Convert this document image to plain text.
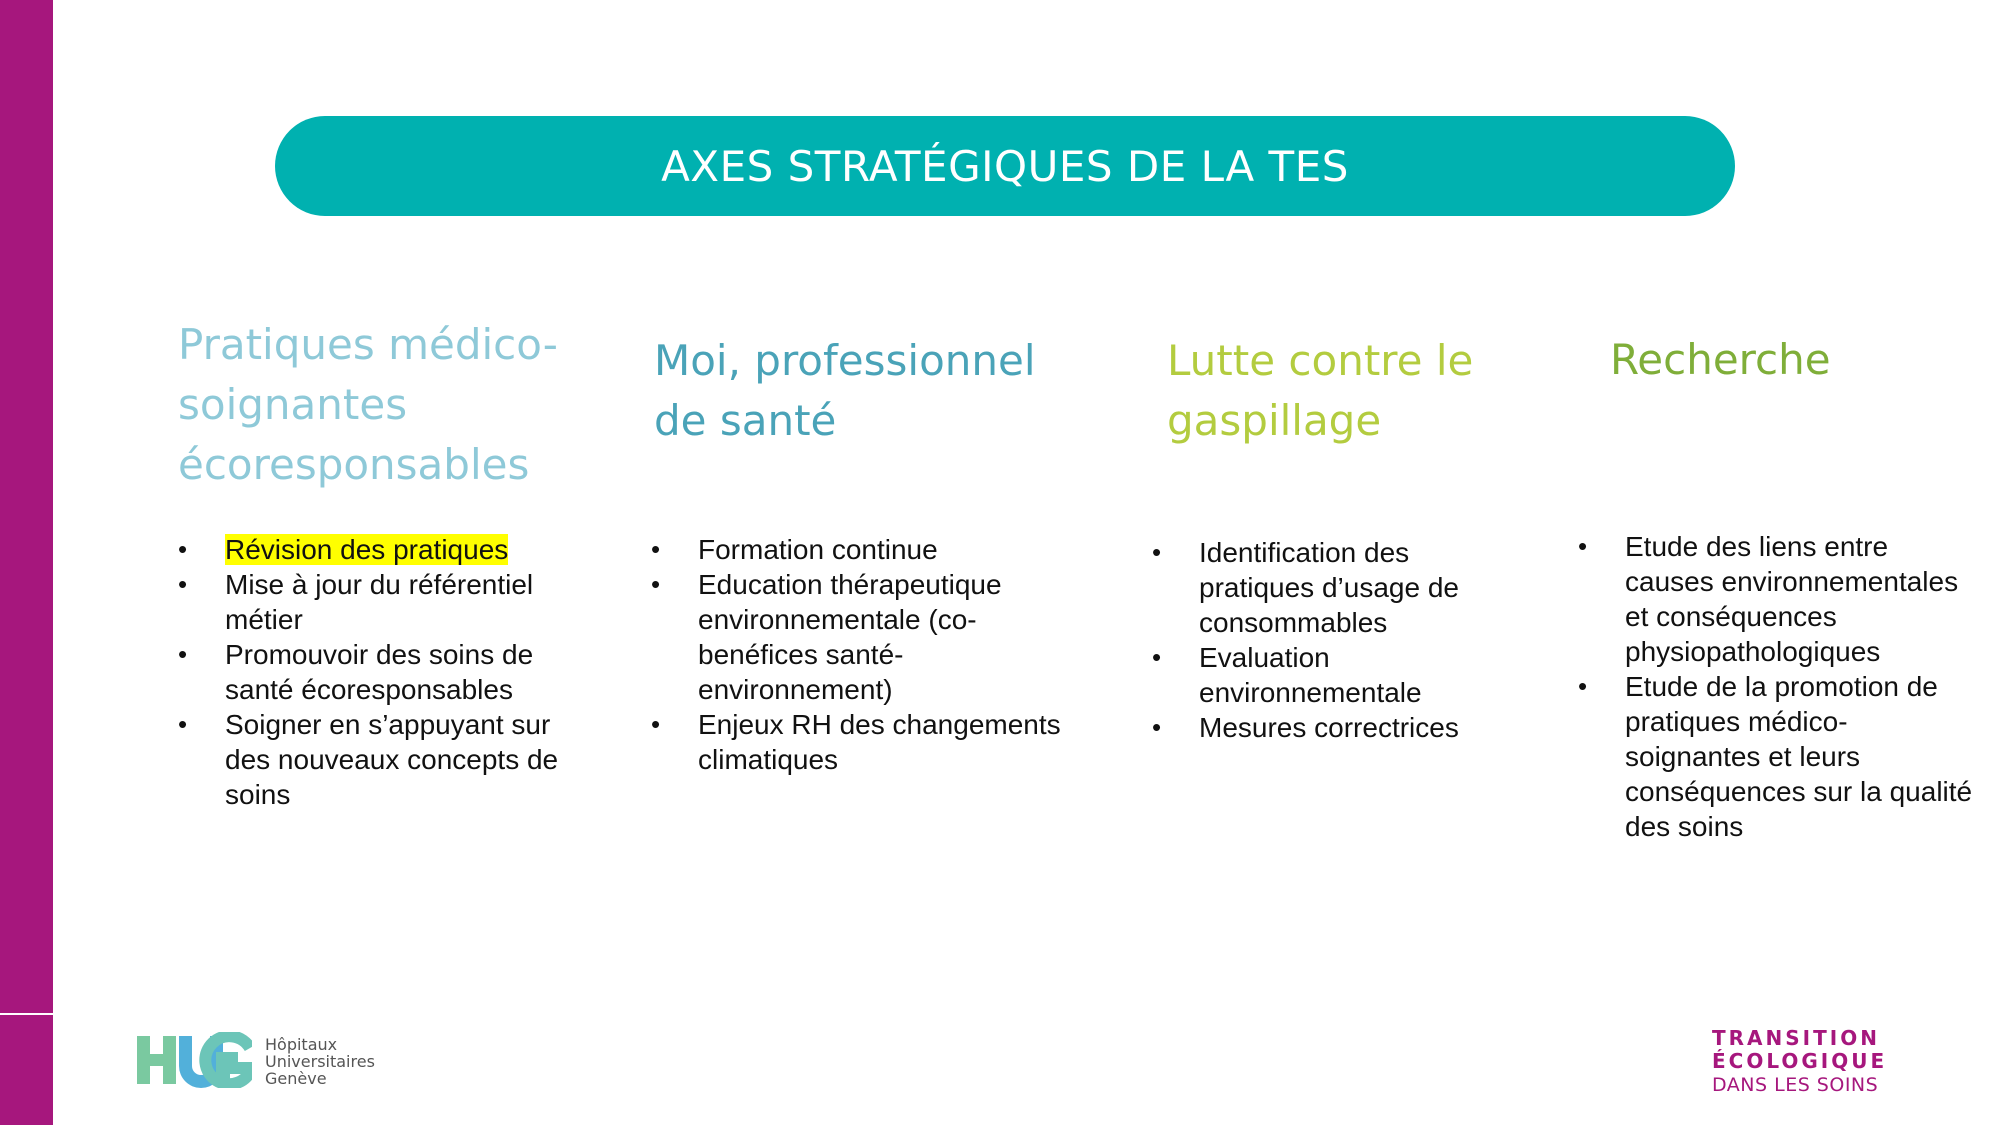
AXES STRATÉGIQUES DE LA TES
Pratiques médico-soignantes écoresponsables
Moi, professionnel de santé
Lutte contre le gaspillage
Recherche
• Révision des pratiques
• Mise à jour du référentiel métier
• Promouvoir des soins de santé écoresponsables
• Soigner en s’appuyant sur des nouveaux concepts de soins
• Formation continue
• Education thérapeutique environnementale (co-benéfices santé-environnement)
• Enjeux RH des changements climatiques
• Identification des pratiques d’usage de consommables
• Evaluation environnementale
• Mesures correctrices
• Etude des liens entre causes environnementales et conséquences physiopathologiques
• Etude de la promotion de pratiques médico-soignantes et leurs conséquences sur la qualité des soins
Hôpitaux
Universitaires
Genève
TRANSITION
ÉCOLOGIQUE
DANS LES SOINS
